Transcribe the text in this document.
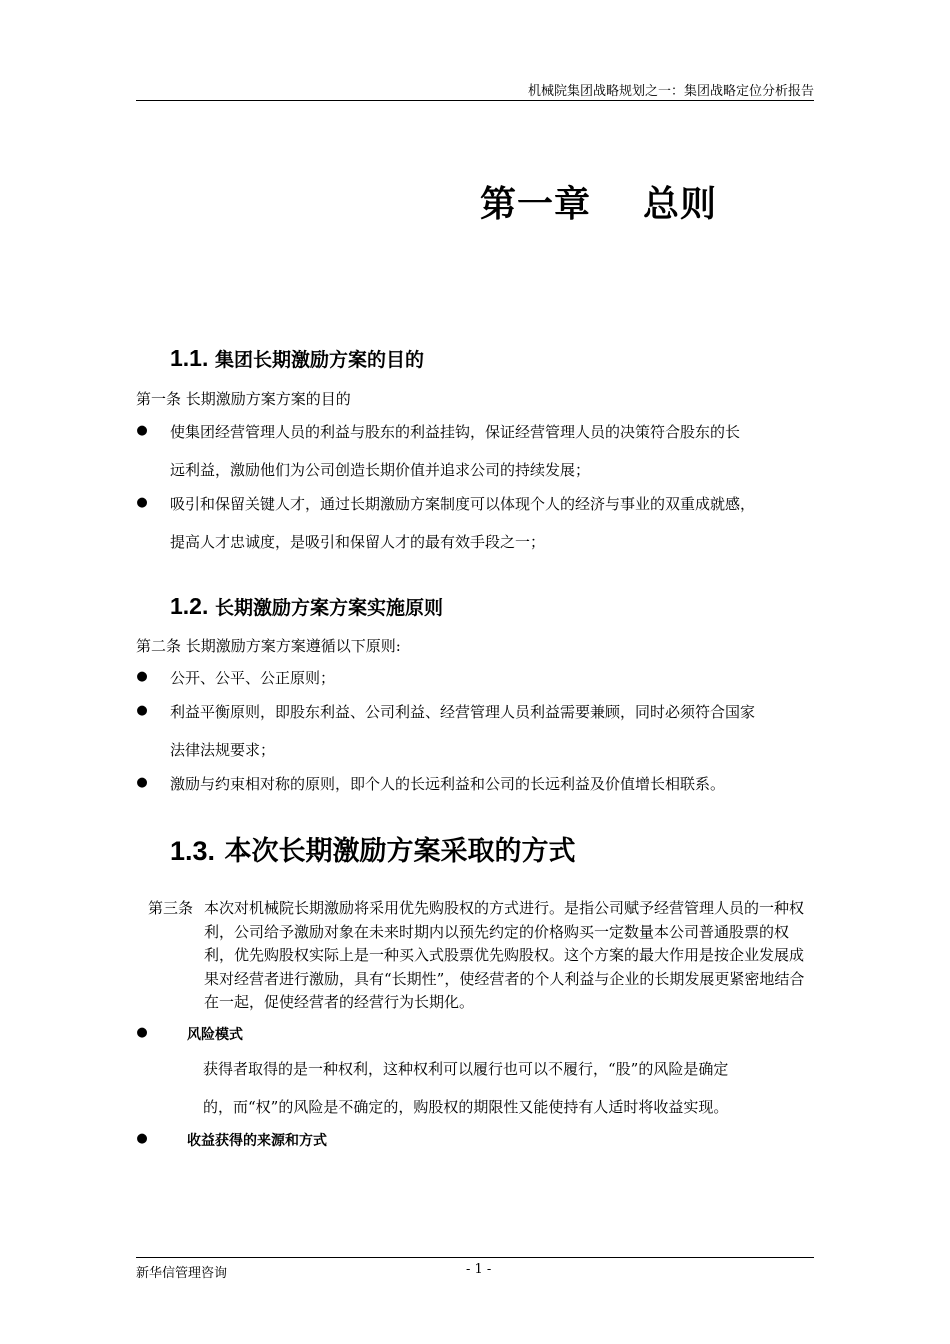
机械院集团战略规划之一：集团战略定位分析报告
第一章 总则
1.1. 集团长期激励方案的目的
第一条 长期激励方案方案的目的
● 使集团经营管理人员的利益与股东的利益挂钩，保证经营管理人员的决策符合股东的长
远利益，激励他们为公司创造长期价值并追求公司的持续发展；
● 吸引和保留关键人才，通过长期激励方案制度可以体现个人的经济与事业的双重成就感，
提高人才忠诚度，是吸引和保留人才的最有效手段之一；
1.2. 长期激励方案方案实施原则
第二条 长期激励方案方案遵循以下原则:
● 公开、公平、公正原则；
● 利益平衡原则，即股东利益、公司利益、经营管理人员利益需要兼顾，同时必须符合国家
法律法规要求；
● 激励与约束相对称的原则，即个人的长远利益和公司的长远利益及价值增长相联系。
1.3. 本次长期激励方案采取的方式
第三条 本次对机械院长期激励将采用优先购股权的方式进行。是指公司赋予经营管理人员的一种权利，公司给予激励对象在未来时期内以预先约定的价格购买一定数量本公司普通股票的权利，优先购股权实际上是一种买入式股票优先购股权。这个方案的最大作用是按企业发展成果对经营者进行激励，具有“长期性”，使经营者的个人利益与企业的长期发展更紧密地结合在一起，促使经营者的经营行为长期化。
●	风险模式
获得者取得的是一种权利，这种权利可以履行也可以不履行，“股”的风险是确定
的，而“权”的风险是不确定的，购股权的期限性又能使持有人适时将收益实现。
●	收益获得的来源和方式
新华信管理咨询	- 1 -
